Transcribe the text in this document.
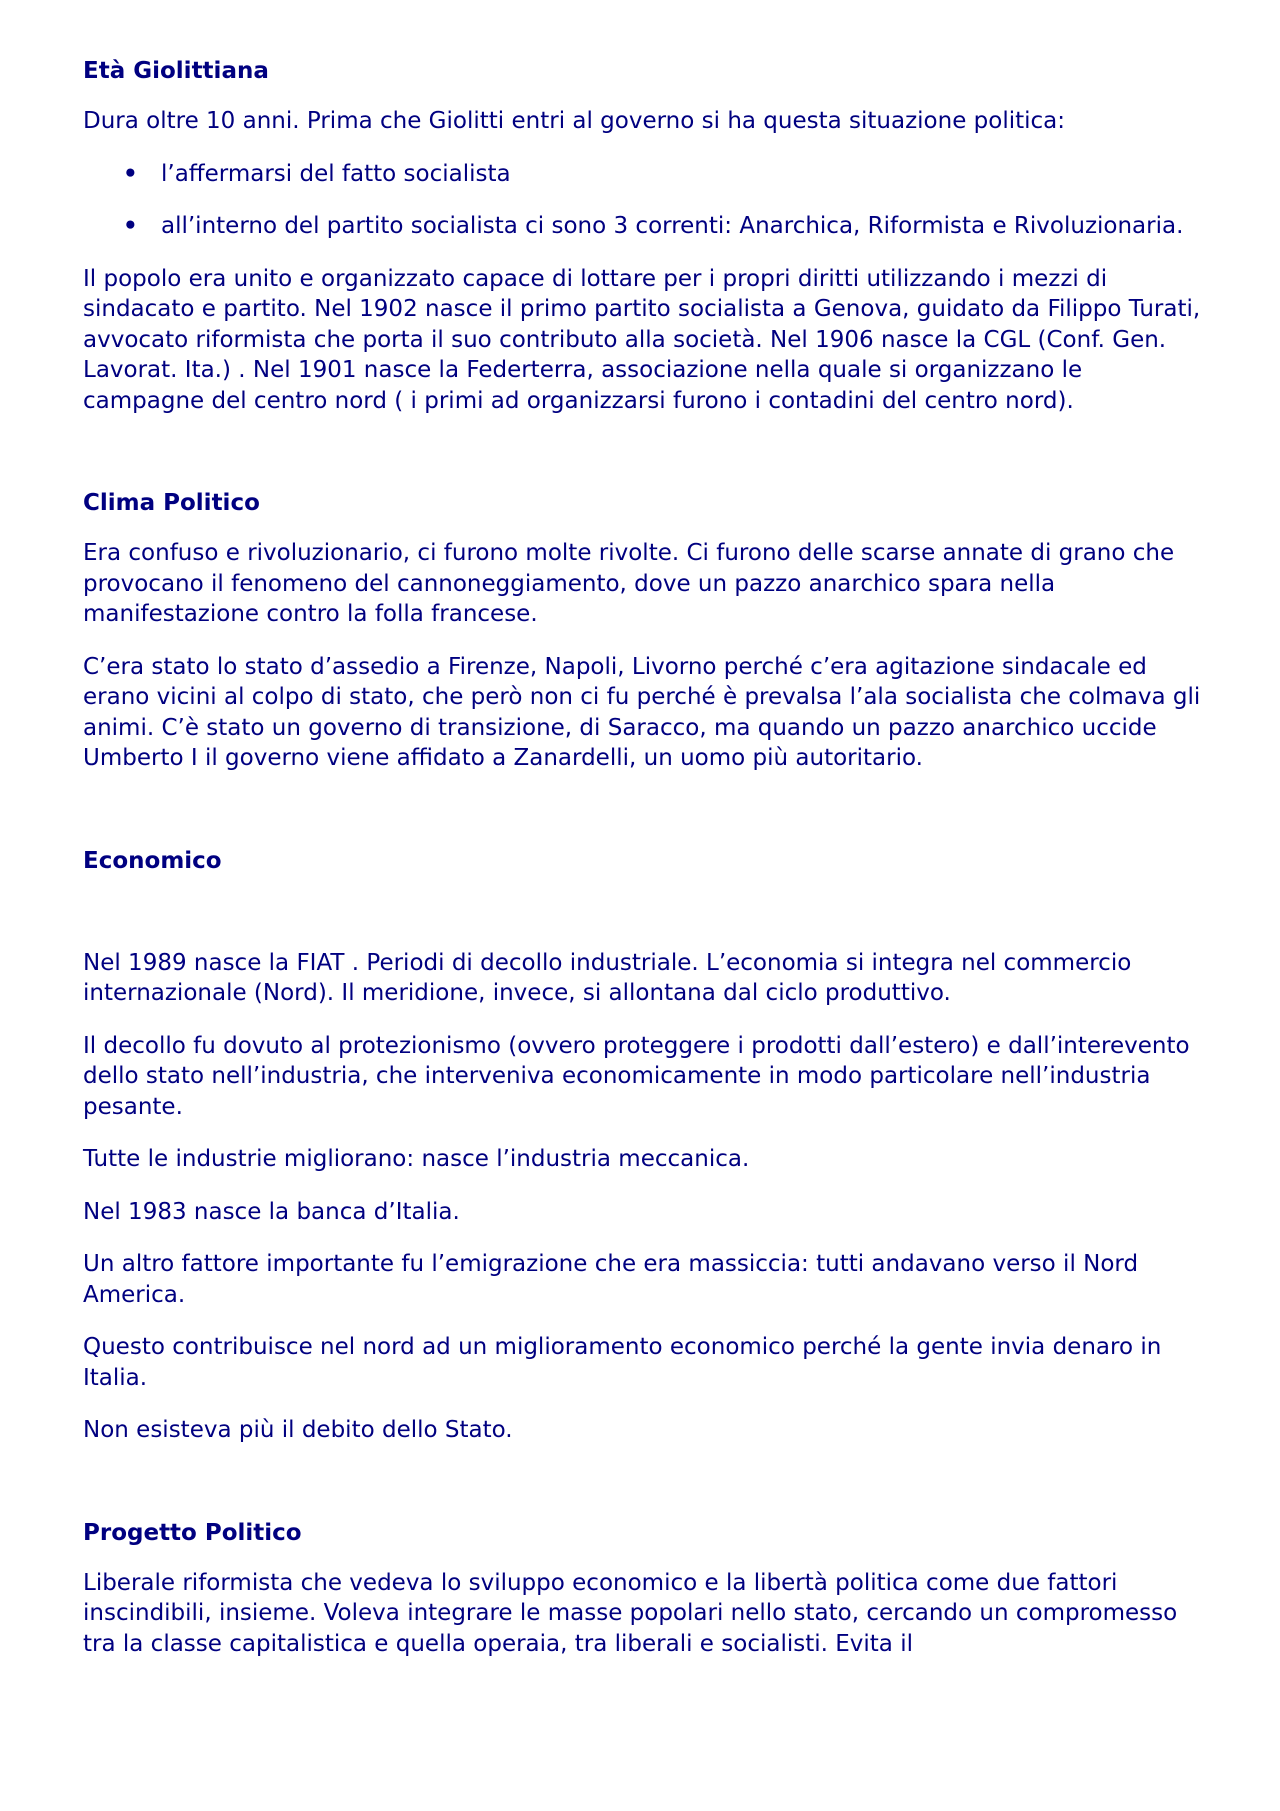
Età Giolittiana

Dura oltre 10 anni. Prima che Giolitti entri al governo si ha questa situazione politica:

• l’affermarsi del fatto socialista
• all’interno del partito socialista ci sono 3 correnti: Anarchica, Riformista e Rivoluzionaria.

Il popolo era unito e organizzato capace di lottare per i propri diritti utilizzando i mezzi di sindacato e partito. Nel 1902 nasce il primo partito socialista a Genova, guidato da Filippo Turati, avvocato riformista che porta il suo contributo alla società. Nel 1906 nasce la CGL (Conf. Gen. Lavorat. Ita.) . Nel 1901 nasce la Federterra, associazione nella quale si organizzano le campagne del centro nord ( i primi ad organizzarsi furono i contadini del centro nord).

Clima Politico

Era confuso e rivoluzionario, ci furono molte rivolte. Ci furono delle scarse annate di grano che provocano il fenomeno del cannoneggiamento, dove un pazzo anarchico spara nella manifestazione contro la folla francese.

C’era stato lo stato d’assedio a Firenze, Napoli, Livorno perché c’era agitazione sindacale ed erano vicini al colpo di stato, che però non ci fu perché è prevalsa l’ala socialista che colmava gli animi. C’è stato un governo di transizione, di Saracco, ma quando un pazzo anarchico uccide Umberto I il governo viene affidato a Zanardelli, un uomo più autoritario.

Economico

Nel 1989 nasce la FIAT . Periodi di decollo industriale. L’economia si integra nel commercio internazionale (Nord). Il meridione, invece, si allontana dal ciclo produttivo.

Il decollo fu dovuto al protezionismo (ovvero proteggere i prodotti dall’estero) e dall’interevento dello stato nell’industria, che interveniva economicamente in modo particolare nell’industria pesante.

Tutte le industrie migliorano: nasce l’industria meccanica.

Nel 1983 nasce la banca d’Italia.

Un altro fattore importante fu l’emigrazione che era massiccia: tutti andavano verso il Nord America.

Questo contribuisce nel nord ad un miglioramento economico perché la gente invia denaro in Italia.

Non esisteva più il debito dello Stato.

Progetto Politico

Liberale riformista che vedeva lo sviluppo economico e la libertà politica come due fattori inscindibili, insieme. Voleva integrare le masse popolari nello stato, cercando un compromesso tra la classe capitalistica e quella operaia, tra liberali e socialisti. Evita il
